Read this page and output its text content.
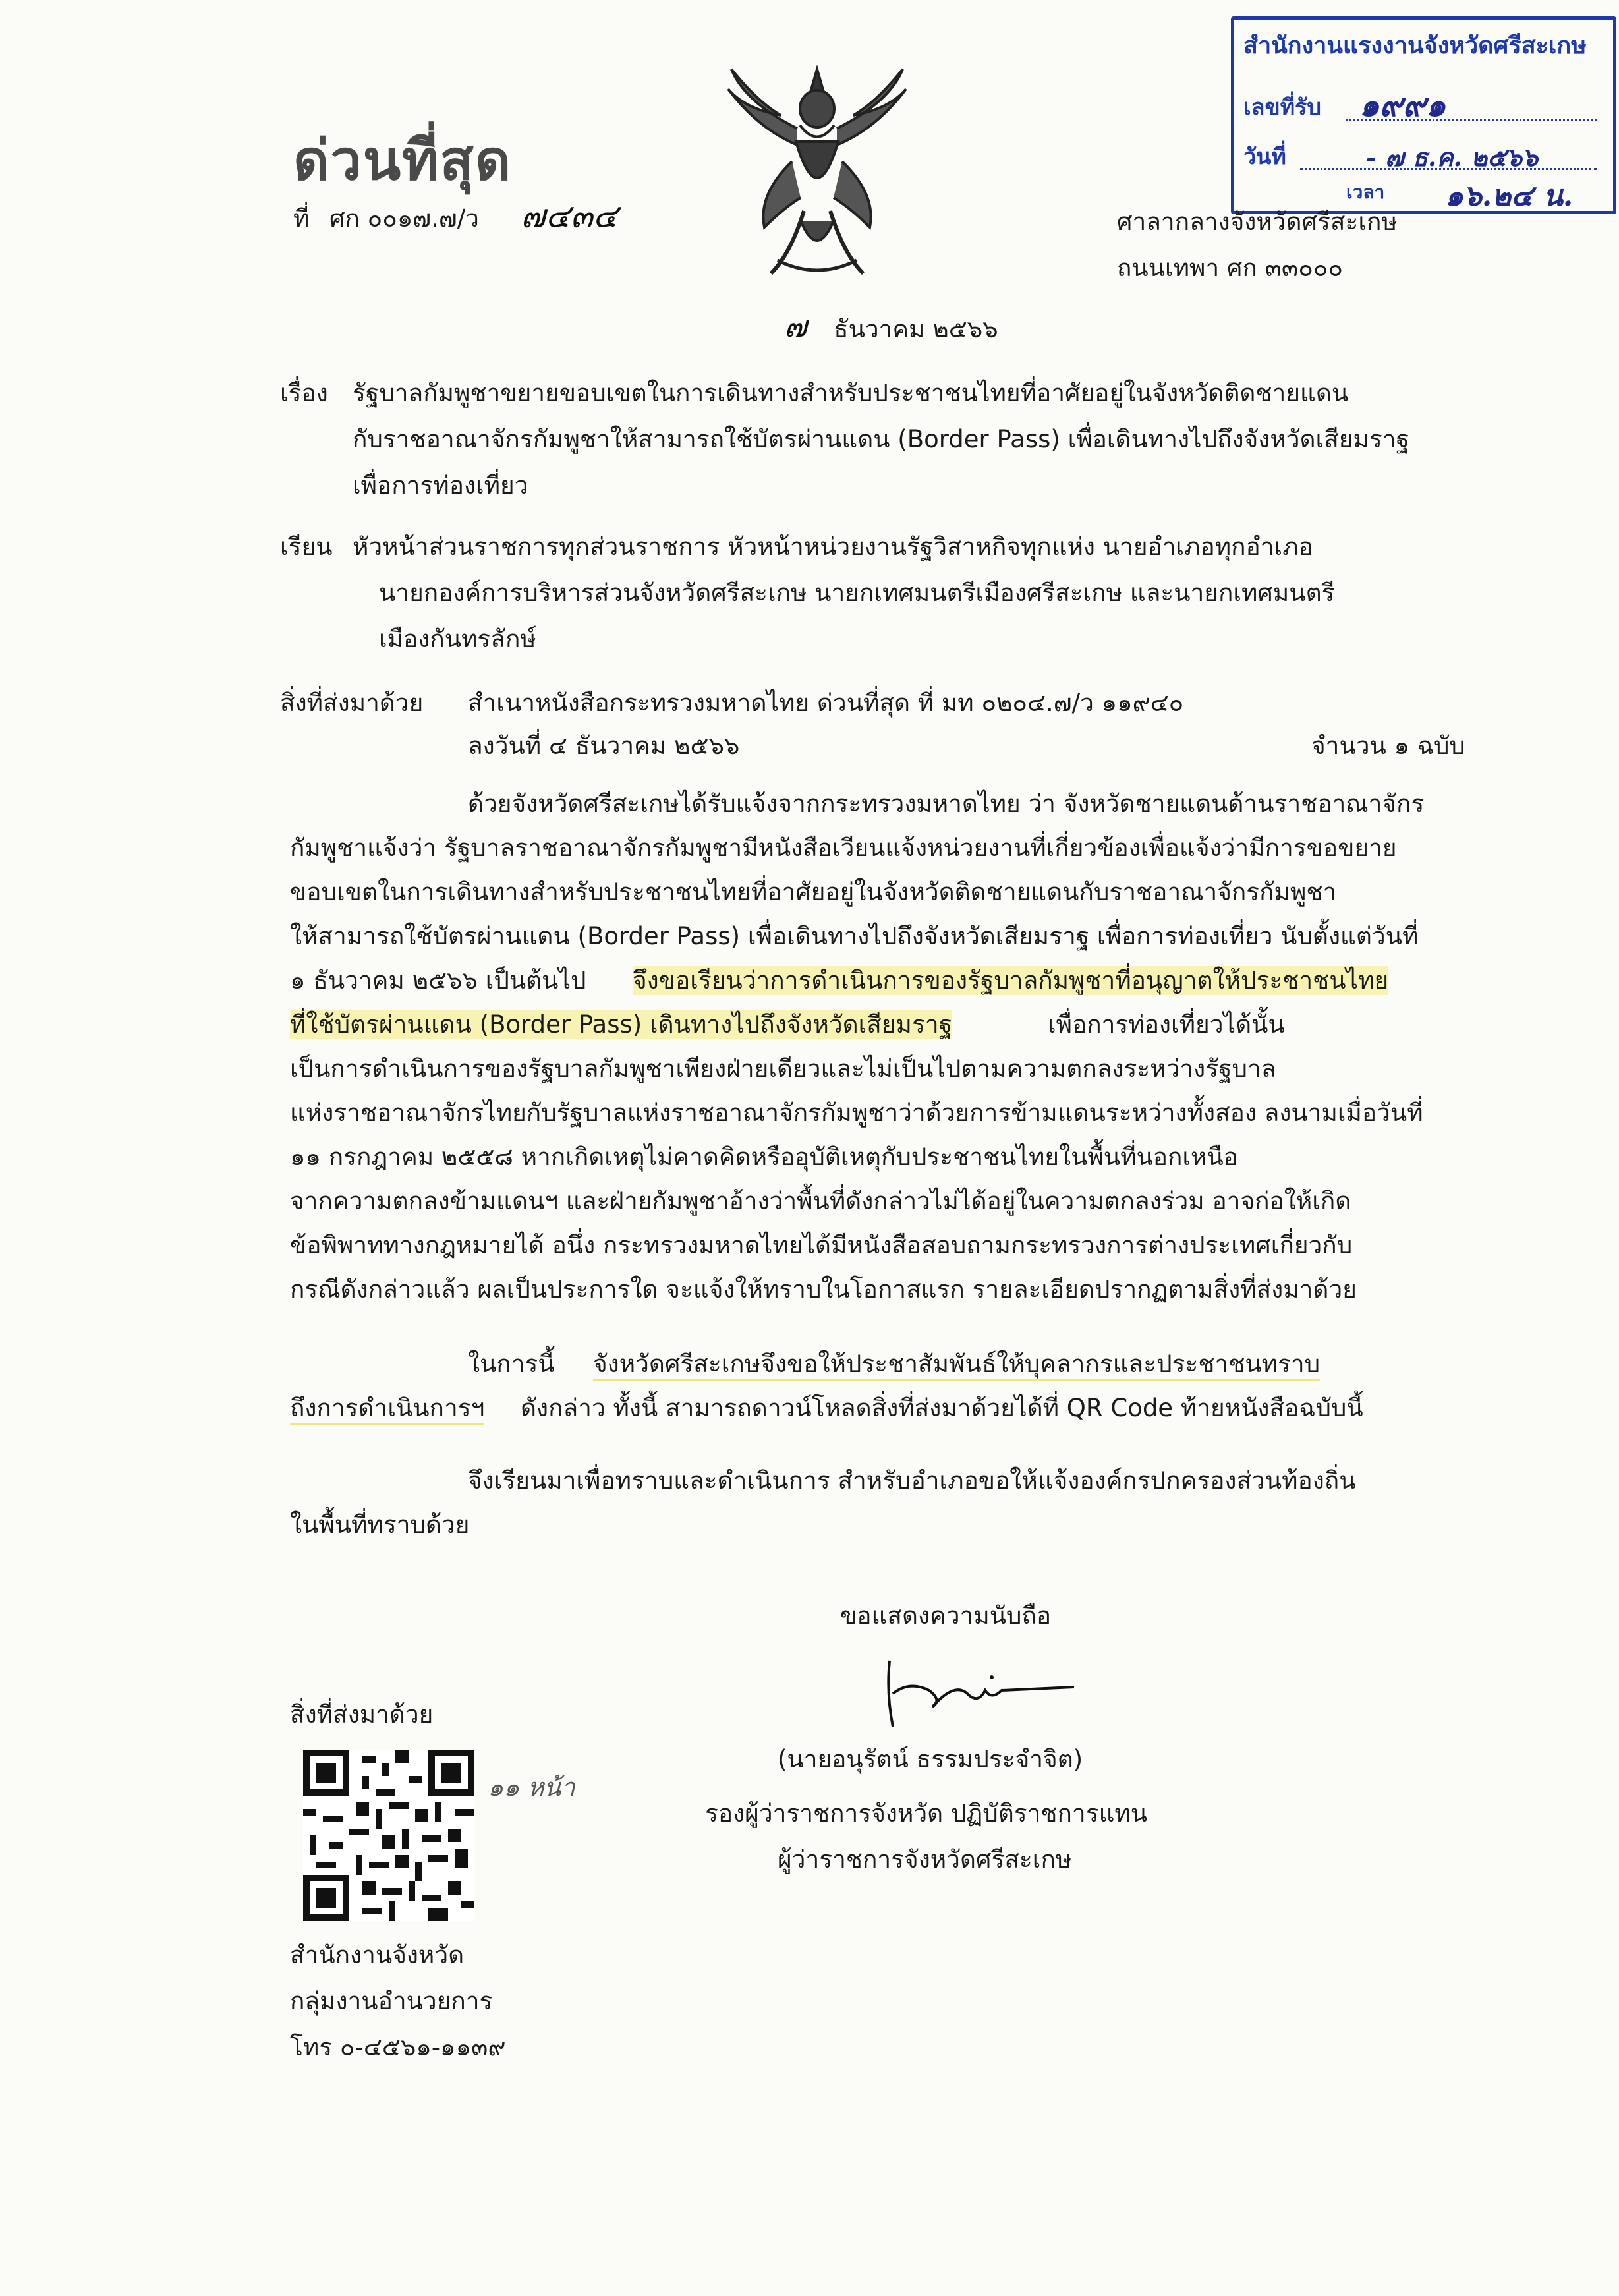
สำนักงานแรงงานจังหวัดศรีสะเกษ
เลขที่รับ ๑๙๙๑
วันที่	- ๗ ธ.ค. ๒๕๖๖
เวลา ๑๖.๒๔ น.
ด่วนที่สุด
ที่ ศก ๐๐๑๗.๗/ว ๗๔๓๔	ศาลากลางจังหวัดศรีสะเกษ
ถนนเทพา ศก ๓๓๐๐๐
๗ ธันวาคม ๒๕๖๖
เรื่อง รัฐบาลกัมพูชาขยายขอบเขตในการเดินทางสำหรับประชาชนไทยที่อาศัยอยู่ในจังหวัดติดชายแดน
กับราชอาณาจักรกัมพูชาให้สามารถใช้บัตรผ่านแดน (Border Pass) เพื่อเดินทางไปถึงจังหวัดเสียมราฐ
เพื่อการท่องเที่ยว
เรียน หัวหน้าส่วนราชการทุกส่วนราชการ หัวหน้าหน่วยงานรัฐวิสาหกิจทุกแห่ง นายอำเภอทุกอำเภอ
นายกองค์การบริหารส่วนจังหวัดศรีสะเกษ นายกเทศมนตรีเมืองศรีสะเกษ และนายกเทศมนตรี
เมืองกันทรลักษ์
สิ่งที่ส่งมาด้วย สำเนาหนังสือกระทรวงมหาดไทย ด่วนที่สุด ที่ มท ๐๒๐๔.๗/ว ๑๑๙๔๐
ลงวันที่ ๔ ธันวาคม ๒๕๖๖	จำนวน ๑ ฉบับ
ด้วยจังหวัดศรีสะเกษได้รับแจ้งจากกระทรวงมหาดไทย ว่า จังหวัดชายแดนด้านราชอาณาจักร
กัมพูชาแจ้งว่า รัฐบาลราชอาณาจักรกัมพูชามีหนังสือเวียนแจ้งหน่วยงานที่เกี่ยวข้องเพื่อแจ้งว่ามีการขอขยาย
ขอบเขตในการเดินทางสำหรับประชาชนไทยที่อาศัยอยู่ในจังหวัดติดชายแดนกับราชอาณาจักรกัมพูชา
ให้สามารถใช้บัตรผ่านแดน (Border Pass) เพื่อเดินทางไปถึงจังหวัดเสียมราฐ เพื่อการท่องเที่ยว นับตั้งแต่วันที่
๑ ธันวาคม ๒๕๖๖ เป็นต้นไป จึงขอเรียนว่าการดำเนินการของรัฐบาลกัมพูชาที่อนุญาตให้ประชาชนไทย
ที่ใช้บัตรผ่านแดน (Border Pass) เดินทางไปถึงจังหวัดเสียมราฐ	เพื่อการท่องเที่ยวได้นั้น
เป็นการดำเนินการของรัฐบาลกัมพูชาเพียงฝ่ายเดียวและไม่เป็นไปตามความตกลงระหว่างรัฐบาล
แห่งราชอาณาจักรไทยกับรัฐบาลแห่งราชอาณาจักรกัมพูชาว่าด้วยการข้ามแดนระหว่างทั้งสอง ลงนามเมื่อวันที่
๑๑ กรกฎาคม ๒๕๕๘ หากเกิดเหตุไม่คาดคิดหรืออุบัติเหตุกับประชาชนไทยในพื้นที่นอกเหนือ
จากความตกลงข้ามแดนฯ และฝ่ายกัมพูชาอ้างว่าพื้นที่ดังกล่าวไม่ได้อยู่ในความตกลงร่วม อาจก่อให้เกิด
ข้อพิพาททางกฎหมายได้ อนึ่ง กระทรวงมหาดไทยได้มีหนังสือสอบถามกระทรวงการต่างประเทศเกี่ยวกับ
กรณีดังกล่าวแล้ว ผลเป็นประการใด จะแจ้งให้ทราบในโอกาสแรก รายละเอียดปรากฏตามสิ่งที่ส่งมาด้วย
ในการนี้ จังหวัดศรีสะเกษจึงขอให้ประชาสัมพันธ์ให้บุคลากรและประชาชนทราบ
ถึงการดำเนินการฯ ดังกล่าว ทั้งนี้ สามารถดาวน์โหลดสิ่งที่ส่งมาด้วยได้ที่ QR Code ท้ายหนังสือฉบับนี้
จึงเรียนมาเพื่อทราบและดำเนินการ สำหรับอำเภอขอให้แจ้งองค์กรปกครองส่วนท้องถิ่น
ในพื้นที่ทราบด้วย
ขอแสดงความนับถือ
(นายอนุรัตน์ ธรรมประจำจิต)
รองผู้ว่าราชการจังหวัด ปฏิบัติราชการแทน
ผู้ว่าราชการจังหวัดศรีสะเกษ
สิ่งที่ส่งมาด้วย
๑๑ หน้า
สำนักงานจังหวัด
กลุ่มงานอำนวยการ
โทร ๐-๔๕๖๑-๑๑๓๙
